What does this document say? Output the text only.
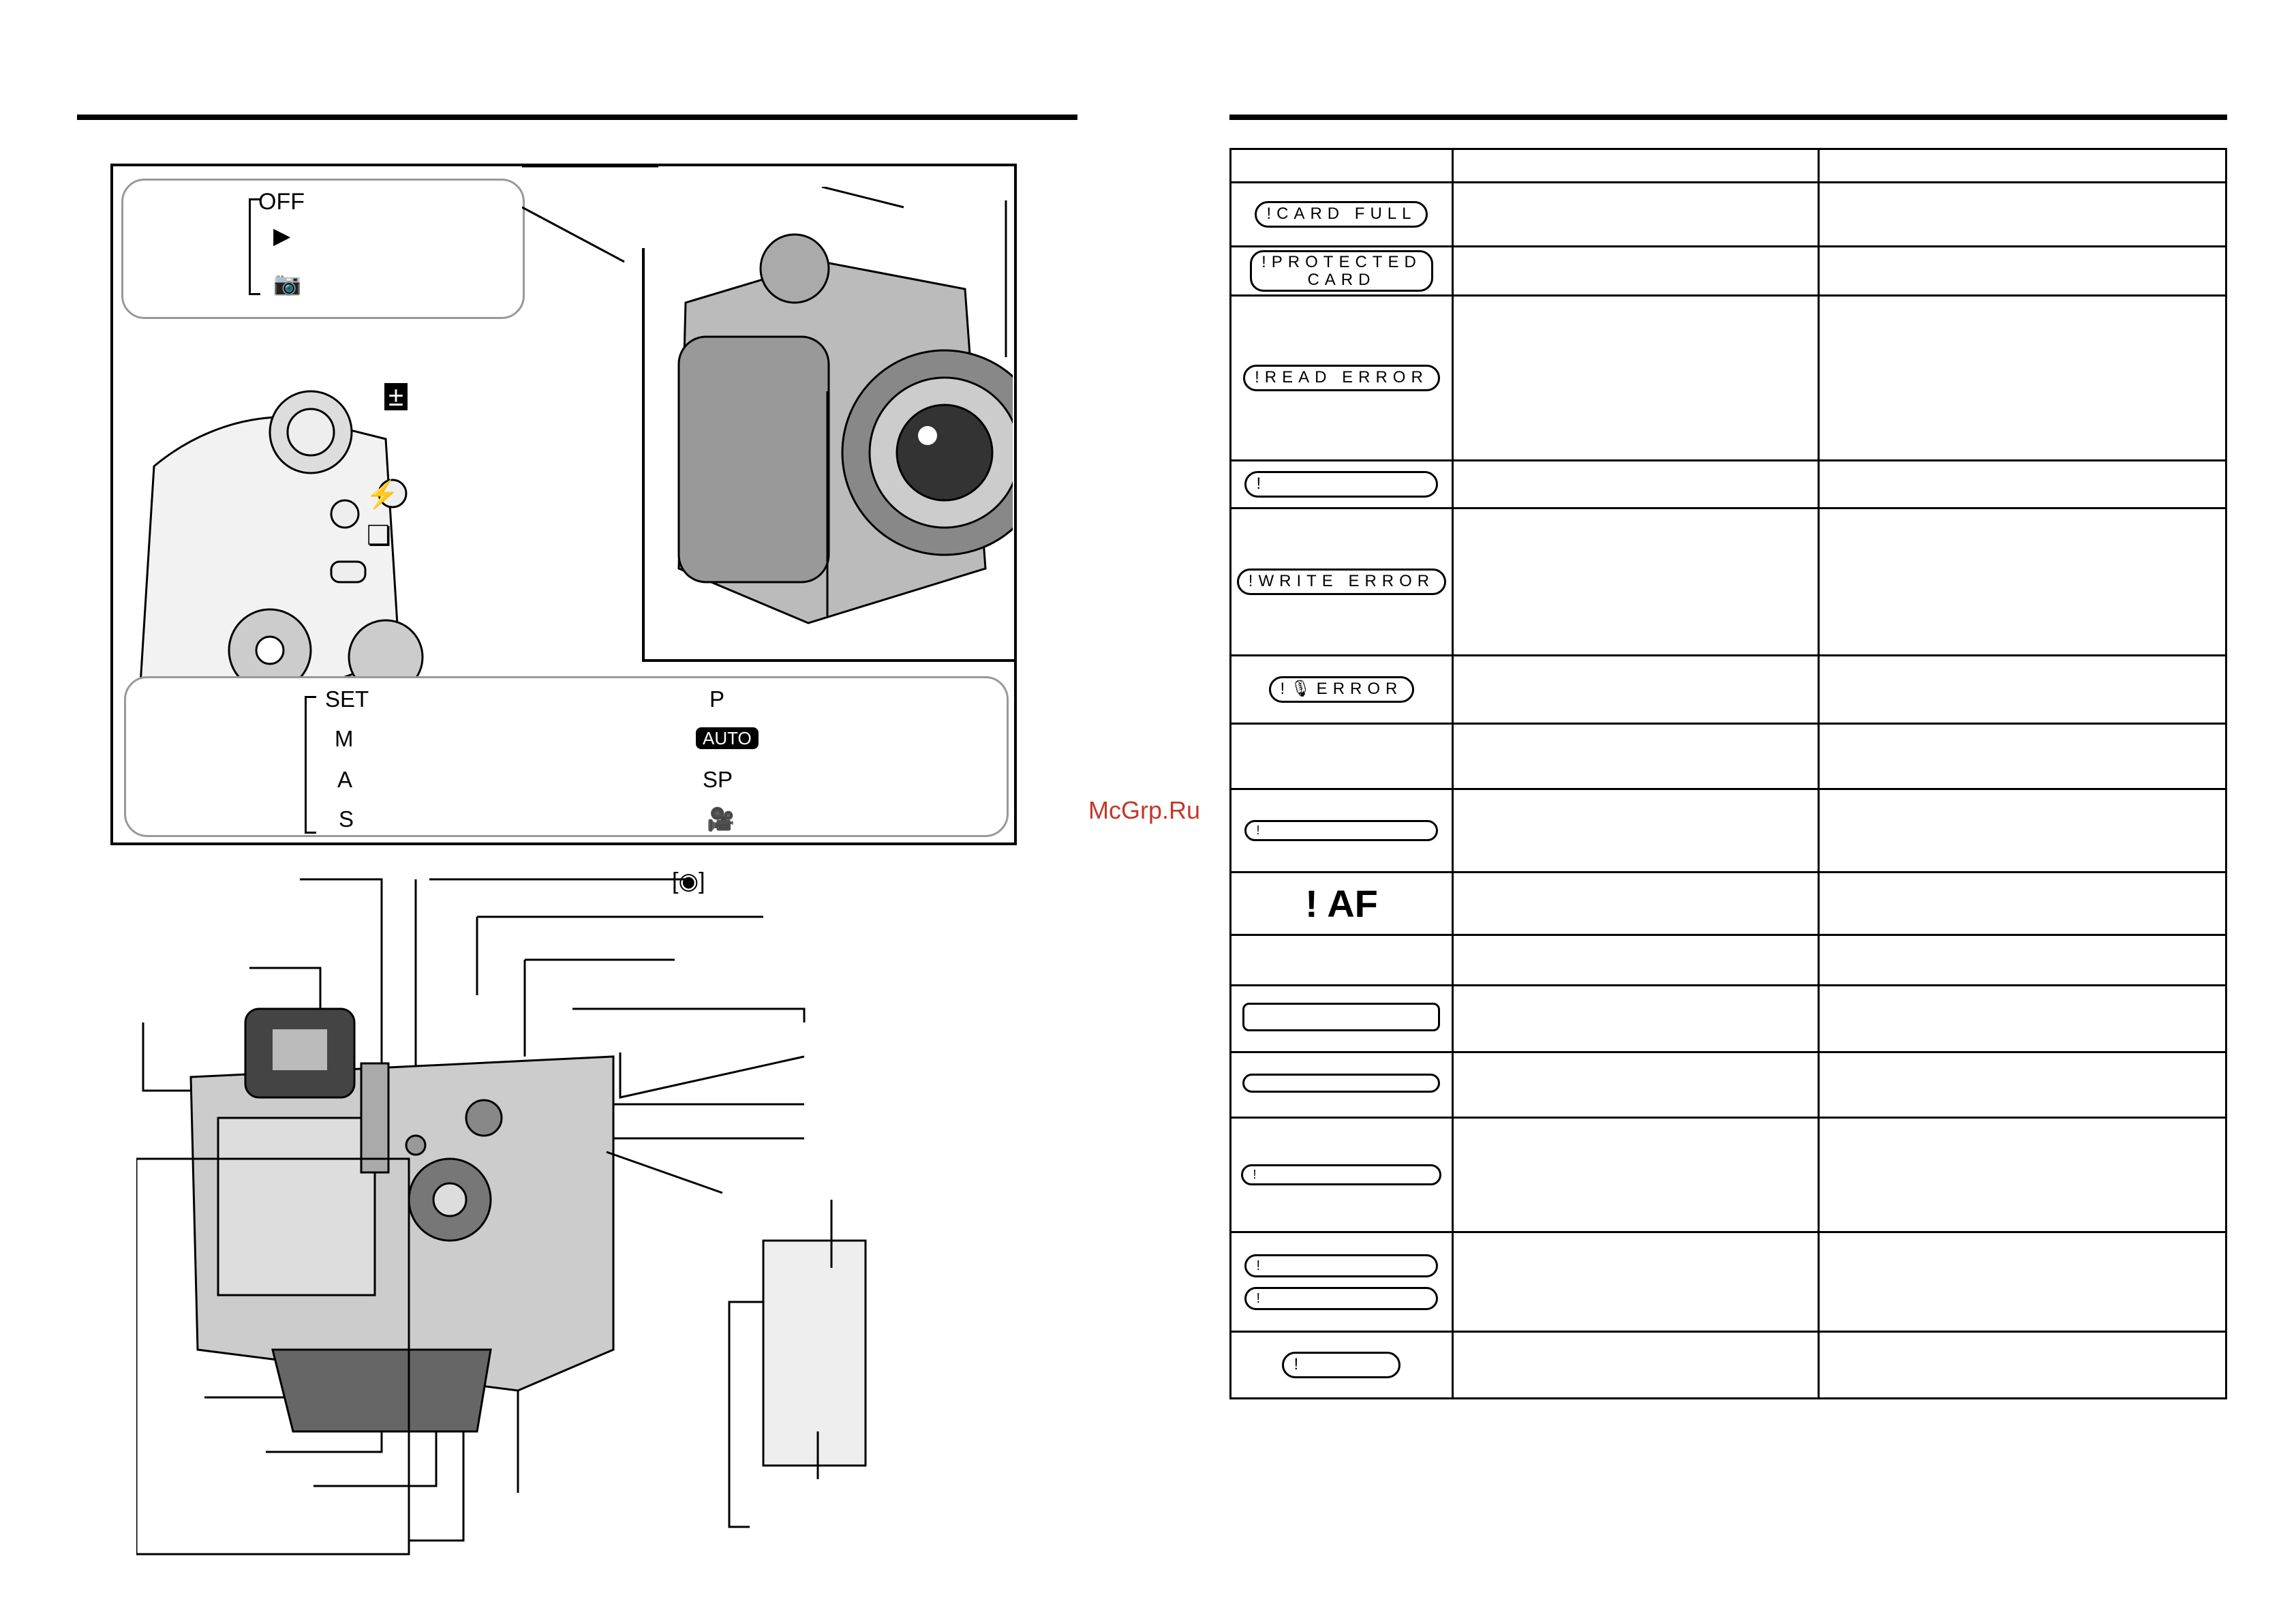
OFF
▶
📷
±
⚡
❏
SET
M
A
S
P
AUTO
SP
🎥
[◉]
McGrp.Ru

!CARD FULL		
!PROTECTED
CARD		
!READ ERROR		
!		
!WRITE ERROR		
!🎙ERROR		

!		
! AF		

!		

!
!		

!		
